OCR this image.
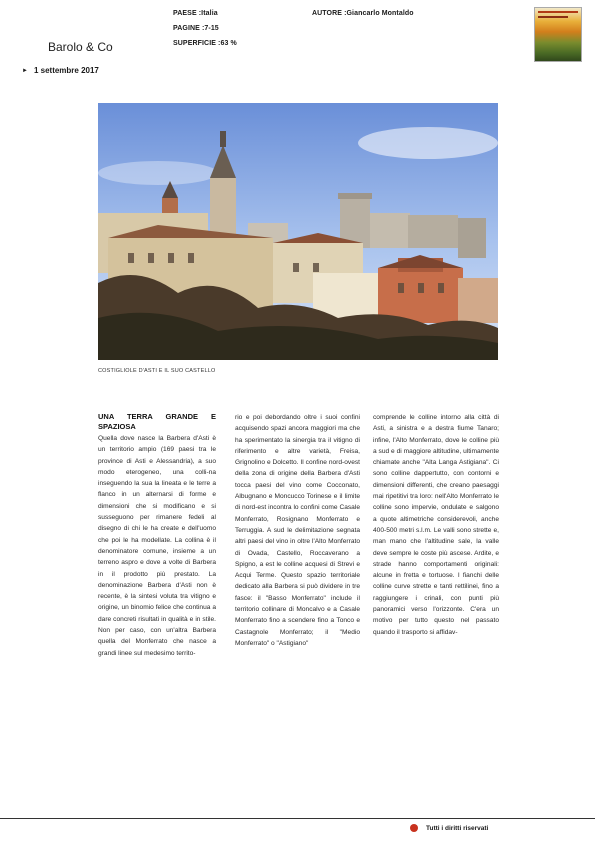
PAESE :Italia
PAGINE :7-15
SUPERFICIE :63 %
AUTORE :Giancarlo Montaldo
Barolo & Co
► 1 settembre 2017
COSTIGLIOLE D'ASTI E IL SUO CASTELLO
UNA TERRA GRANDE E SPAZIOSA

Quella dove nasce la Barbera d'Asti è un territorio ampio (169 paesi tra le province di Asti e Alessandria), a suo modo eterogeneo, una colli-na inseguendo la sua la lineata e le terre a flanco in un alternarsi di forme e dimensioni che si modificano e si susseguono per rimanere fedeli al disegno di chi le ha create e dell'uomo che poi le ha modellate. La collina è il denominatore comune, insieme a un terreno aspro e dove a volte di Barbera in il prodotto più prestato. La denominazione Barbera d'Asti non è recente, è la sintesi voluta tra vitigno e origine, un binomio felice che continua a dare concreti risultati in qualità e in stile. Non per caso, con un'altra Barbera quella del Monferrato che nasce a grandi linee sul medesimo territo-

rio e poi debordando oltre i suoi confini acquisendo spazi ancora maggiori ma che ha sperimentato la sinergia tra il vitigno di riferimento e altre varietà, Freisa, Grignolino e Dolcetto. Il confine nord-ovest della zona di origine della Barbera d'Asti tocca paesi del vino come Cocconato, Albugnano e Moncucco Torinese e il limite di nord-est incontra lo confini come Casale Monferrato, Rosignano Monferrato e Terruggia. A sud le delimitazione segnata altri paesi del vino in oltre l'Alto Monferrato di Ovada, Castello, Roccaverano a Spigno, a est le colline acquesi di Strevi e Acqui Terme. Questo spazio territoriale dedicato alla Barbera si può dividere in tre fasce: il "Basso Monferrato" include il territorio collinare di Moncalvo e a Casale Monferrato fino a scendere fino a Tonco e Castagnole Monferrato; il "Medio Monferrato" o "Astigiano"

comprende le colline intorno alla città di Asti, a sinistra e a destra fiume Tanaro; infine, l'Alto Monferrato, dove le colline più a sud e di maggiore altitudine, ultimamente chiamate anche "Alta Langa Astigiana". Ci sono colline dappertutto, con contorni e dimensioni differenti, che creano paesaggi mai ripetitivi tra loro: nell'Alto Monferrato le colline sono impervie, ondulate e salgono a quote altimetriche considerevoli, anche 400-500 metri s.l.m. Le valli sono strette e, man mano che l'altitudine sale, la valle deve sempre le coste più ascese. Ardite, e strade hanno comportamenti originali: alcune in fretta e tortuose. I fianchi delle colline curve strette e tanti rettilinei, fino a raggiungere i crinali, con punti più panoramici verso l'orizzonte. C'era un motivo per tutto questo nel passato quando il trasporto si affidav-

Tutti i diritti riservati
